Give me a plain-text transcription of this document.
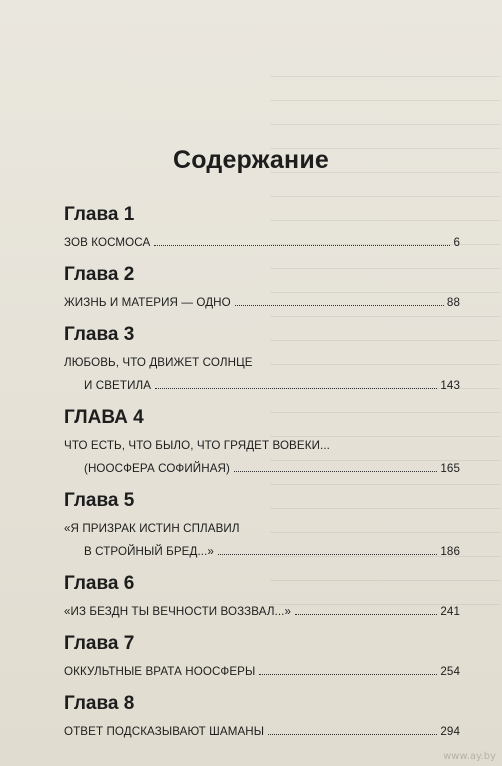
Содержание
Глава 1
ЗОВ КОСМОСА	6
Глава 2
ЖИЗНЬ И МАТЕРИЯ — ОДНО	88
Глава 3
ЛЮБОВЬ, ЧТО ДВИЖЕТ СОЛНЦЕ
И СВЕТИЛА	143
ГЛАВА 4
ЧТО ЕСТЬ, ЧТО БЫЛО, ЧТО ГРЯДЕТ ВОВЕКИ...
(НООСФЕРА СОФИЙНАЯ)	165
Глава 5
«Я ПРИЗРАК ИСТИН СПЛАВИЛ
В СТРОЙНЫЙ БРЕД...»	186
Глава 6
«ИЗ БЕЗДН ТЫ ВЕЧНОСТИ ВОЗЗВАЛ...»	241
Глава 7
ОККУЛЬТНЫЕ ВРАТА НООСФЕРЫ	254
Глава 8
ОТВЕТ ПОДСКАЗЫВАЮТ ШАМАНЫ	294
www.ay.by
